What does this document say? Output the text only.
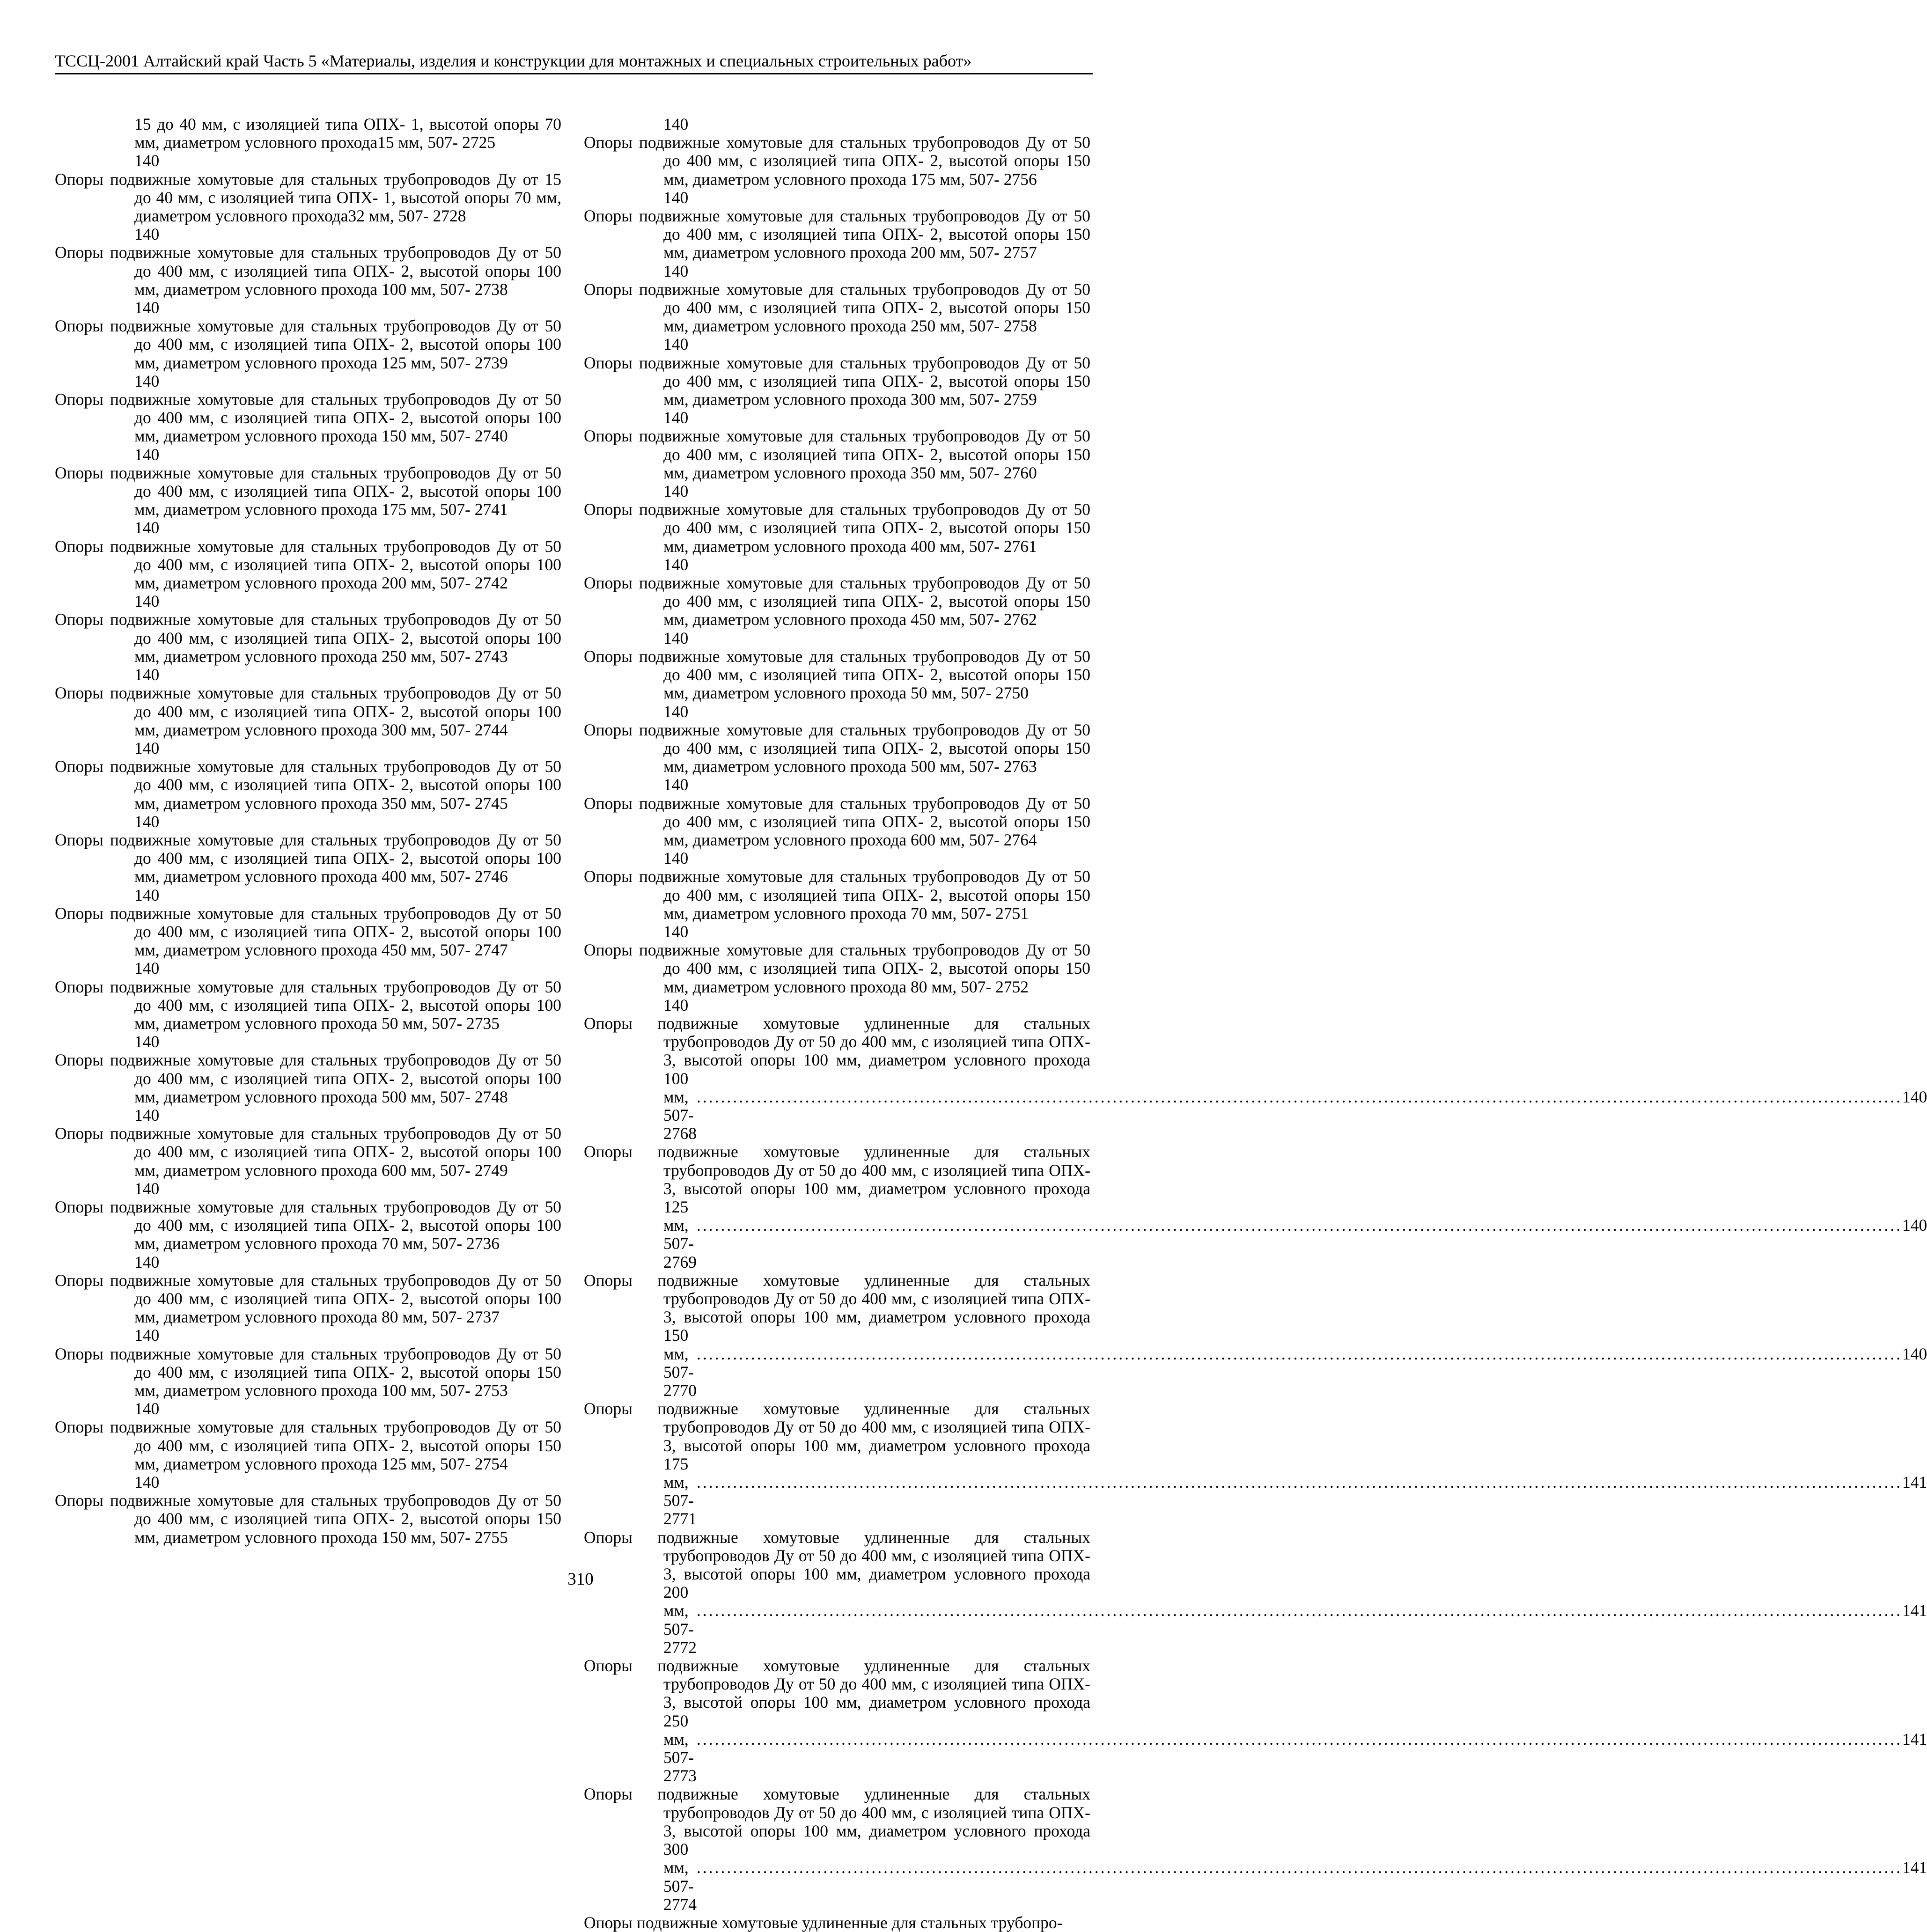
ТССЦ-2001 Алтайский край Часть 5 «Материалы, изделия и конструкции для монтажных и специальных строительных работ»
15 до 40 мм, с изоляцией типа ОПХ- 1, высотой опоры 70 мм, диаметром условного прохода15 мм, 507- 2725
140
Опоры подвижные хомутовые для стальных трубопроводов Ду от 15 до 40 мм, с изоляцией типа ОПХ- 1, высотой опоры 70 мм, диаметром условного прохода32 мм, 507- 2728
140
Опоры подвижные хомутовые для стальных трубопроводов Ду от 50 до 400 мм, с изоляцией типа ОПХ- 2, высотой опоры 100 мм, диаметром условного прохода 100 мм, 507- 2738
140
Опоры подвижные хомутовые для стальных трубопроводов Ду от 50 до 400 мм, с изоляцией типа ОПХ- 2, высотой опоры 100 мм, диаметром условного прохода 125 мм, 507- 2739
140
Опоры подвижные хомутовые для стальных трубопроводов Ду от 50 до 400 мм, с изоляцией типа ОПХ- 2, высотой опоры 100 мм, диаметром условного прохода 150 мм, 507- 2740
140
Опоры подвижные хомутовые для стальных трубопроводов Ду от 50 до 400 мм, с изоляцией типа ОПХ- 2, высотой опоры 100 мм, диаметром условного прохода 175 мм, 507- 2741
140
Опоры подвижные хомутовые для стальных трубопроводов Ду от 50 до 400 мм, с изоляцией типа ОПХ- 2, высотой опоры 100 мм, диаметром условного прохода 200 мм, 507- 2742
140
Опоры подвижные хомутовые для стальных трубопроводов Ду от 50 до 400 мм, с изоляцией типа ОПХ- 2, высотой опоры 100 мм, диаметром условного прохода 250 мм, 507- 2743
140
Опоры подвижные хомутовые для стальных трубопроводов Ду от 50 до 400 мм, с изоляцией типа ОПХ- 2, высотой опоры 100 мм, диаметром условного прохода 300 мм, 507- 2744
140
Опоры подвижные хомутовые для стальных трубопроводов Ду от 50 до 400 мм, с изоляцией типа ОПХ- 2, высотой опоры 100 мм, диаметром условного прохода 350 мм, 507- 2745
140
Опоры подвижные хомутовые для стальных трубопроводов Ду от 50 до 400 мм, с изоляцией типа ОПХ- 2, высотой опоры 100 мм, диаметром условного прохода 400 мм, 507- 2746
140
Опоры подвижные хомутовые для стальных трубопроводов Ду от 50 до 400 мм, с изоляцией типа ОПХ- 2, высотой опоры 100 мм, диаметром условного прохода 450 мм, 507- 2747
140
Опоры подвижные хомутовые для стальных трубопроводов Ду от 50 до 400 мм, с изоляцией типа ОПХ- 2, высотой опоры 100 мм, диаметром условного прохода 50 мм, 507- 2735
140
Опоры подвижные хомутовые для стальных трубопроводов Ду от 50 до 400 мм, с изоляцией типа ОПХ- 2, высотой опоры 100 мм, диаметром условного прохода 500 мм, 507- 2748
140
Опоры подвижные хомутовые для стальных трубопроводов Ду от 50 до 400 мм, с изоляцией типа ОПХ- 2, высотой опоры 100 мм, диаметром условного прохода 600 мм, 507- 2749
140
Опоры подвижные хомутовые для стальных трубопроводов Ду от 50 до 400 мм, с изоляцией типа ОПХ- 2, высотой опоры 100 мм, диаметром условного прохода 70 мм, 507- 2736
140
Опоры подвижные хомутовые для стальных трубопроводов Ду от 50 до 400 мм, с изоляцией типа ОПХ- 2, высотой опоры 100 мм, диаметром условного прохода 80 мм, 507- 2737
140
Опоры подвижные хомутовые для стальных трубопроводов Ду от 50 до 400 мм, с изоляцией типа ОПХ- 2, высотой опоры 150 мм, диаметром условного прохода 100 мм, 507- 2753
140
Опоры подвижные хомутовые для стальных трубопроводов Ду от 50 до 400 мм, с изоляцией типа ОПХ- 2, высотой опоры 150 мм, диаметром условного прохода 125 мм, 507- 2754
140
Опоры подвижные хомутовые для стальных трубопроводов Ду от 50 до 400 мм, с изоляцией типа ОПХ- 2, высотой опоры 150 мм, диаметром условного прохода 150 мм, 507- 2755
140
Опоры подвижные хомутовые для стальных трубопроводов Ду от 50 до 400 мм, с изоляцией типа ОПХ- 2, высотой опоры 150 мм, диаметром условного прохода 175 мм, 507- 2756
140
Опоры подвижные хомутовые для стальных трубопроводов Ду от 50 до 400 мм, с изоляцией типа ОПХ- 2, высотой опоры 150 мм, диаметром условного прохода 200 мм, 507- 2757
140
Опоры подвижные хомутовые для стальных трубопроводов Ду от 50 до 400 мм, с изоляцией типа ОПХ- 2, высотой опоры 150 мм, диаметром условного прохода 250 мм, 507- 2758
140
Опоры подвижные хомутовые для стальных трубопроводов Ду от 50 до 400 мм, с изоляцией типа ОПХ- 2, высотой опоры 150 мм, диаметром условного прохода 300 мм, 507- 2759
140
Опоры подвижные хомутовые для стальных трубопроводов Ду от 50 до 400 мм, с изоляцией типа ОПХ- 2, высотой опоры 150 мм, диаметром условного прохода 350 мм, 507- 2760
140
Опоры подвижные хомутовые для стальных трубопроводов Ду от 50 до 400 мм, с изоляцией типа ОПХ- 2, высотой опоры 150 мм, диаметром условного прохода 400 мм, 507- 2761
140
Опоры подвижные хомутовые для стальных трубопроводов Ду от 50 до 400 мм, с изоляцией типа ОПХ- 2, высотой опоры 150 мм, диаметром условного прохода 450 мм, 507- 2762
140
Опоры подвижные хомутовые для стальных трубопроводов Ду от 50 до 400 мм, с изоляцией типа ОПХ- 2, высотой опоры 150 мм, диаметром условного прохода 50 мм, 507- 2750
140
Опоры подвижные хомутовые для стальных трубопроводов Ду от 50 до 400 мм, с изоляцией типа ОПХ- 2, высотой опоры 150 мм, диаметром условного прохода 500 мм, 507- 2763
140
Опоры подвижные хомутовые для стальных трубопроводов Ду от 50 до 400 мм, с изоляцией типа ОПХ- 2, высотой опоры 150 мм, диаметром условного прохода 600 мм, 507- 2764
140
Опоры подвижные хомутовые для стальных трубопроводов Ду от 50 до 400 мм, с изоляцией типа ОПХ- 2, высотой опоры 150 мм, диаметром условного прохода 70 мм, 507- 2751
140
Опоры подвижные хомутовые для стальных трубопроводов Ду от 50 до 400 мм, с изоляцией типа ОПХ- 2, высотой опоры 150 мм, диаметром условного прохода 80 мм, 507- 2752
140
Опоры подвижные хомутовые удлиненные для стальных трубопроводов Ду от 50 до 400 мм, с изоляцией типа ОПХ- 3, высотой опоры 100 мм, диаметром условного прохода 100
мм, 507- 2768
........................................................................................................................................................................................................ 140
Опоры подвижные хомутовые удлиненные для стальных трубопроводов Ду от 50 до 400 мм, с изоляцией типа ОПХ- 3, высотой опоры 100 мм, диаметром условного прохода 125
мм, 507- 2769
........................................................................................................................................................................................................ 140
Опоры подвижные хомутовые удлиненные для стальных трубопроводов Ду от 50 до 400 мм, с изоляцией типа ОПХ- 3, высотой опоры 100 мм, диаметром условного прохода 150
мм, 507- 2770
........................................................................................................................................................................................................ 140
Опоры подвижные хомутовые удлиненные для стальных трубопроводов Ду от 50 до 400 мм, с изоляцией типа ОПХ- 3, высотой опоры 100 мм, диаметром условного прохода 175
мм, 507- 2771
........................................................................................................................................................................................................ 141
Опоры подвижные хомутовые удлиненные для стальных трубопроводов Ду от 50 до 400 мм, с изоляцией типа ОПХ- 3, высотой опоры 100 мм, диаметром условного прохода 200
мм, 507- 2772
........................................................................................................................................................................................................ 141
Опоры подвижные хомутовые удлиненные для стальных трубопроводов Ду от 50 до 400 мм, с изоляцией типа ОПХ- 3, высотой опоры 100 мм, диаметром условного прохода 250
мм, 507- 2773
........................................................................................................................................................................................................ 141
Опоры подвижные хомутовые удлиненные для стальных трубопроводов Ду от 50 до 400 мм, с изоляцией типа ОПХ- 3, высотой опоры 100 мм, диаметром условного прохода 300
мм, 507- 2774
........................................................................................................................................................................................................ 141
Опоры подвижные хомутовые удлиненные для стальных трубопро-
310
